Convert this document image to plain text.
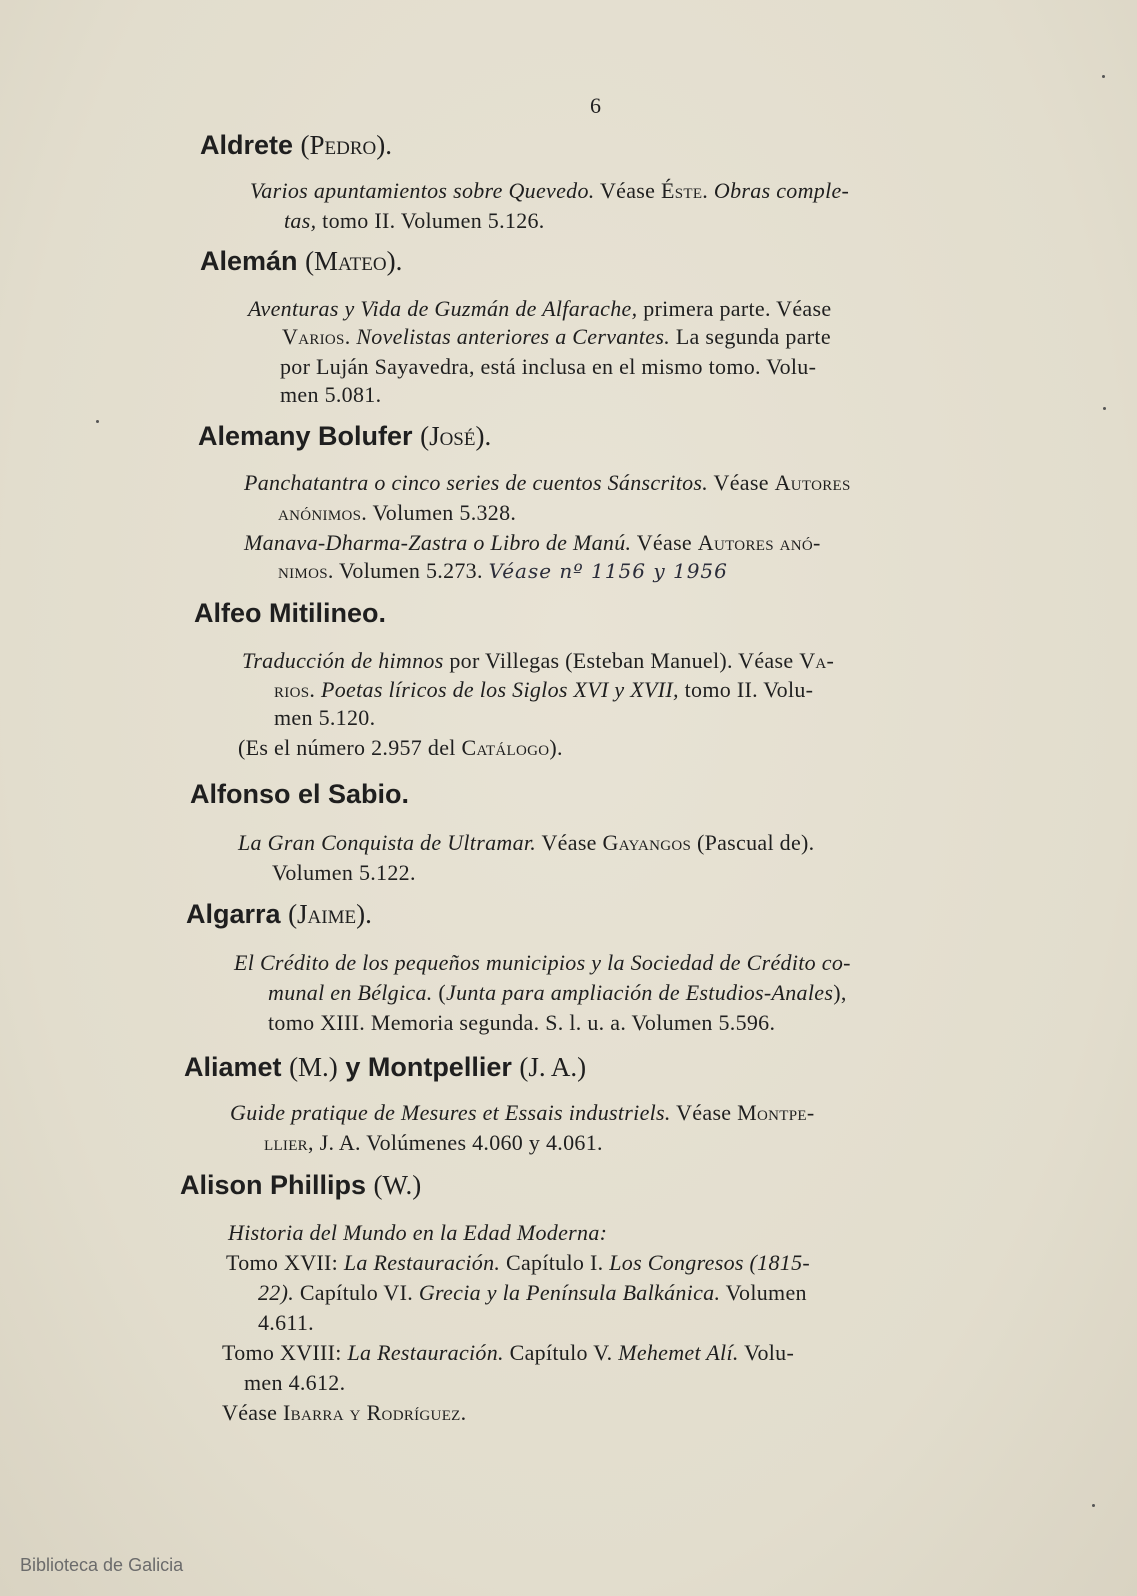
6
Aldrete (Pedro).
Varios apuntamientos sobre Quevedo. Véase Éste. Obras comple-
tas, tomo II. Volumen 5.126.
Alemán (Mateo).
Aventuras y Vida de Guzmán de Alfarache, primera parte. Véase
Varios. Novelistas anteriores a Cervantes. La segunda parte
por Luján Sayavedra, está inclusa en el mismo tomo. Volu-
men 5.081.
Alemany Bolufer (José).
Panchatantra o cinco series de cuentos Sánscritos. Véase Autores
anónimos. Volumen 5.328.
Manava-Dharma-Zastra o Libro de Manú. Véase Autores anó-
nimos. Volumen 5.273. Véase nº 1156 y 1956
Alfeo Mitilineo.
Traducción de himnos por Villegas (Esteban Manuel). Véase Va-
rios. Poetas líricos de los Siglos XVI y XVII, tomo II. Volu-
men 5.120.
(Es el número 2.957 del Catálogo).
Alfonso el Sabio.
La Gran Conquista de Ultramar. Véase Gayangos (Pascual de).
Volumen 5.122.
Algarra (Jaime).
El Crédito de los pequeños municipios y la Sociedad de Crédito co-
munal en Bélgica. (Junta para ampliación de Estudios-Anales),
tomo XIII. Memoria segunda. S. l. u. a. Volumen 5.596.
Aliamet (M.) y Montpellier (J. A.)
Guide pratique de Mesures et Essais industriels. Véase Montpe-
llier, J. A. Volúmenes 4.060 y 4.061.
Alison Phillips (W.)
Historia del Mundo en la Edad Moderna:
Tomo XVII: La Restauración. Capítulo I. Los Congresos (1815-
22). Capítulo VI. Grecia y la Península Balkánica. Volumen
4.611.
Tomo XVIII: La Restauración. Capítulo V. Mehemet Alí. Volu-
men 4.612.
Véase Ibarra y Rodríguez.
Biblioteca de Galicia
